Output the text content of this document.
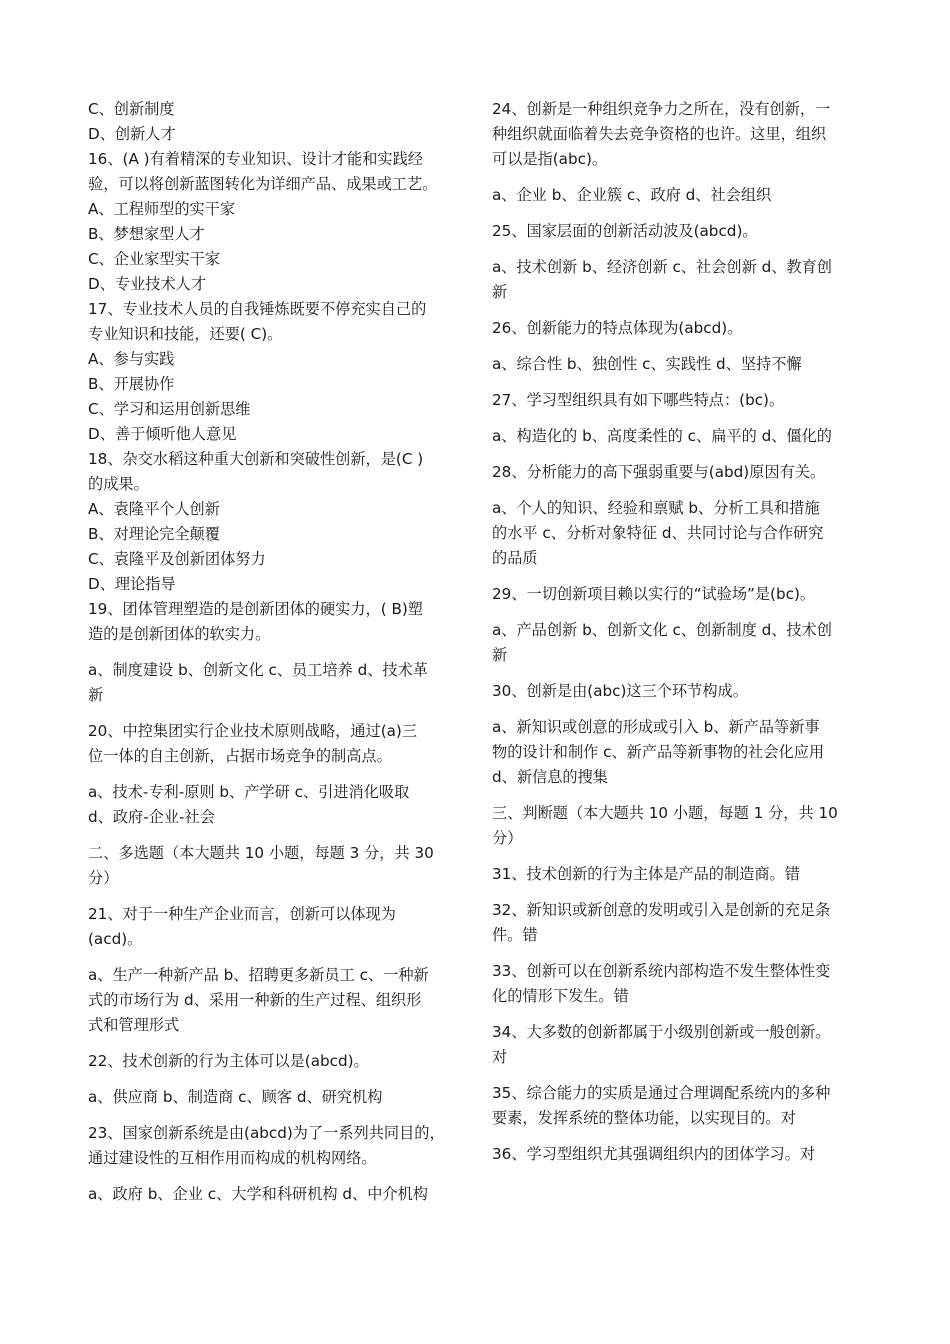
C、创新制度
D、创新人才
16、(A )有着精深的专业知识、设计才能和实践经
验，可以将创新蓝图转化为详细产品、成果或工艺。
A、工程师型的实干家
B、梦想家型人才
C、企业家型实干家
D、专业技术人才
17、专业技术人员的自我锤炼既要不停充实自己的
专业知识和技能，还要( C)。
A、参与实践
B、开展协作
C、学习和运用创新思维
D、善于倾听他人意见
18、杂交水稻这种重大创新和突破性创新，是(C )
的成果。
A、袁隆平个人创新
B、对理论完全颠覆
C、袁隆平及创新团体努力
D、理论指导
19、团体管理塑造的是创新团体的硬实力，( B)塑
造的是创新团体的软实力。
a、制度建设 b、创新文化 c、员工培养 d、技术革
新
20、中控集团实行企业技术原则战略，通过(a)三
位一体的自主创新，占据市场竞争的制高点。
a、技术-专利-原则 b、产学研 c、引进消化吸取
d、政府-企业-社会
二、多选题（本大题共 10 小题，每题 3 分，共 30
分）
21、对于一种生产企业而言，创新可以体现为
(acd)。
a、生产一种新产品 b、招聘更多新员工 c、一种新
式的市场行为 d、采用一种新的生产过程、组织形
式和管理形式
22、技术创新的行为主体可以是(abcd)。
a、供应商 b、制造商 c、顾客 d、研究机构
23、国家创新系统是由(abcd)为了一系列共同目的，
通过建设性的互相作用而构成的机构网络。
a、政府 b、企业 c、大学和科研机构 d、中介机构
24、创新是一种组织竞争力之所在，没有创新，一
种组织就面临着失去竞争资格的也许。这里，组织
可以是指(abc)。
a、企业 b、企业簇 c、政府 d、社会组织
25、国家层面的创新活动波及(abcd)。
a、技术创新 b、经济创新 c、社会创新 d、教育创
新
26、创新能力的特点体现为(abcd)。
a、综合性 b、独创性 c、实践性 d、坚持不懈
27、学习型组织具有如下哪些特点：(bc)。
a、构造化的 b、高度柔性的 c、扁平的 d、僵化的
28、分析能力的高下强弱重要与(abd)原因有关。
a、个人的知识、经验和禀赋 b、分析工具和措施
的水平 c、分析对象特征 d、共同讨论与合作研究
的品质
29、一切创新项目赖以实行的“试验场”是(bc)。
a、产品创新 b、创新文化 c、创新制度 d、技术创
新
30、创新是由(abc)这三个环节构成。
a、新知识或创意的形成或引入 b、新产品等新事
物的设计和制作 c、新产品等新事物的社会化应用
d、新信息的搜集
三、判断题（本大题共 10 小题，每题 1 分，共 10
分）
31、技术创新的行为主体是产品的制造商。错
32、新知识或新创意的发明或引入是创新的充足条
件。错
33、创新可以在创新系统内部构造不发生整体性变
化的情形下发生。错
34、大多数的创新都属于小级别创新或一般创新。
对
35、综合能力的实质是通过合理调配系统内的多种
要素，发挥系统的整体功能，以实现目的。对
36、学习型组织尤其强调组织内的团体学习。对
